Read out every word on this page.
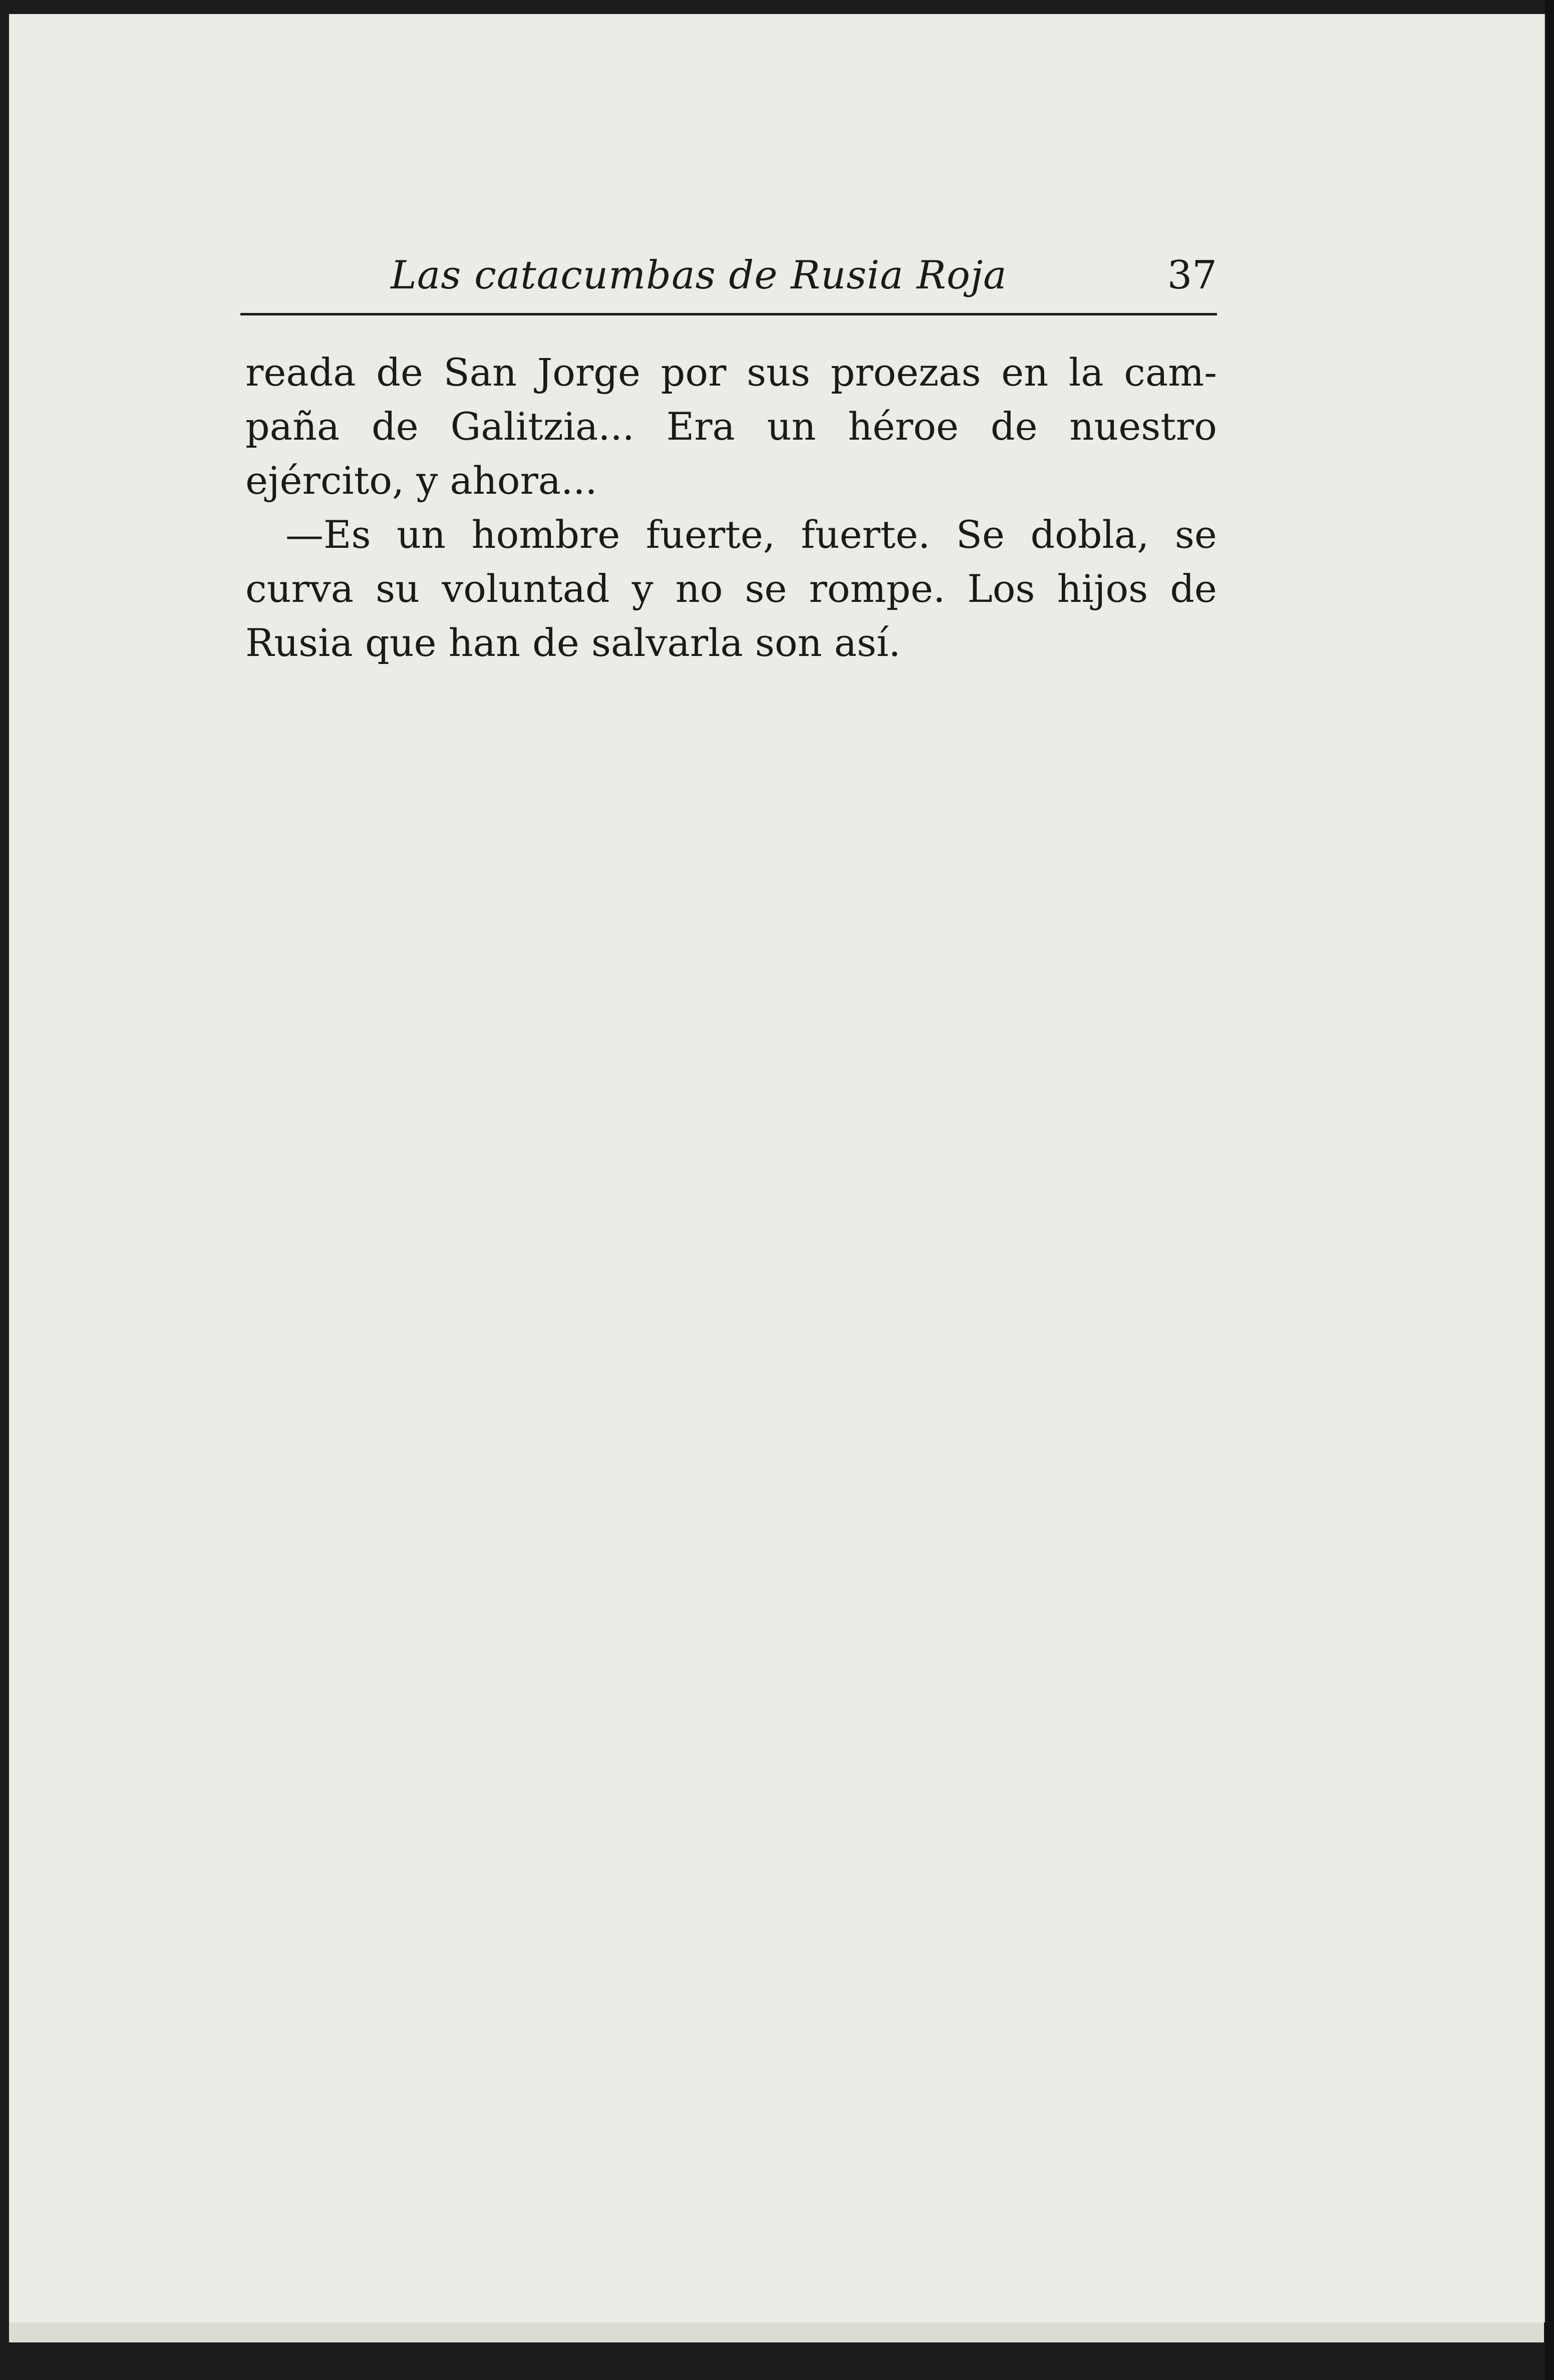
Las catacumbas de Rusia Roja	37
reada de San Jorge por sus proezas en la cam-
paña de Galitzia... Era un héroe de nuestro
ejército, y ahora...
—Es un hombre fuerte, fuerte. Se dobla, se
curva su voluntad y no se rompe. Los hijos de
Rusia que han de salvarla son así.
